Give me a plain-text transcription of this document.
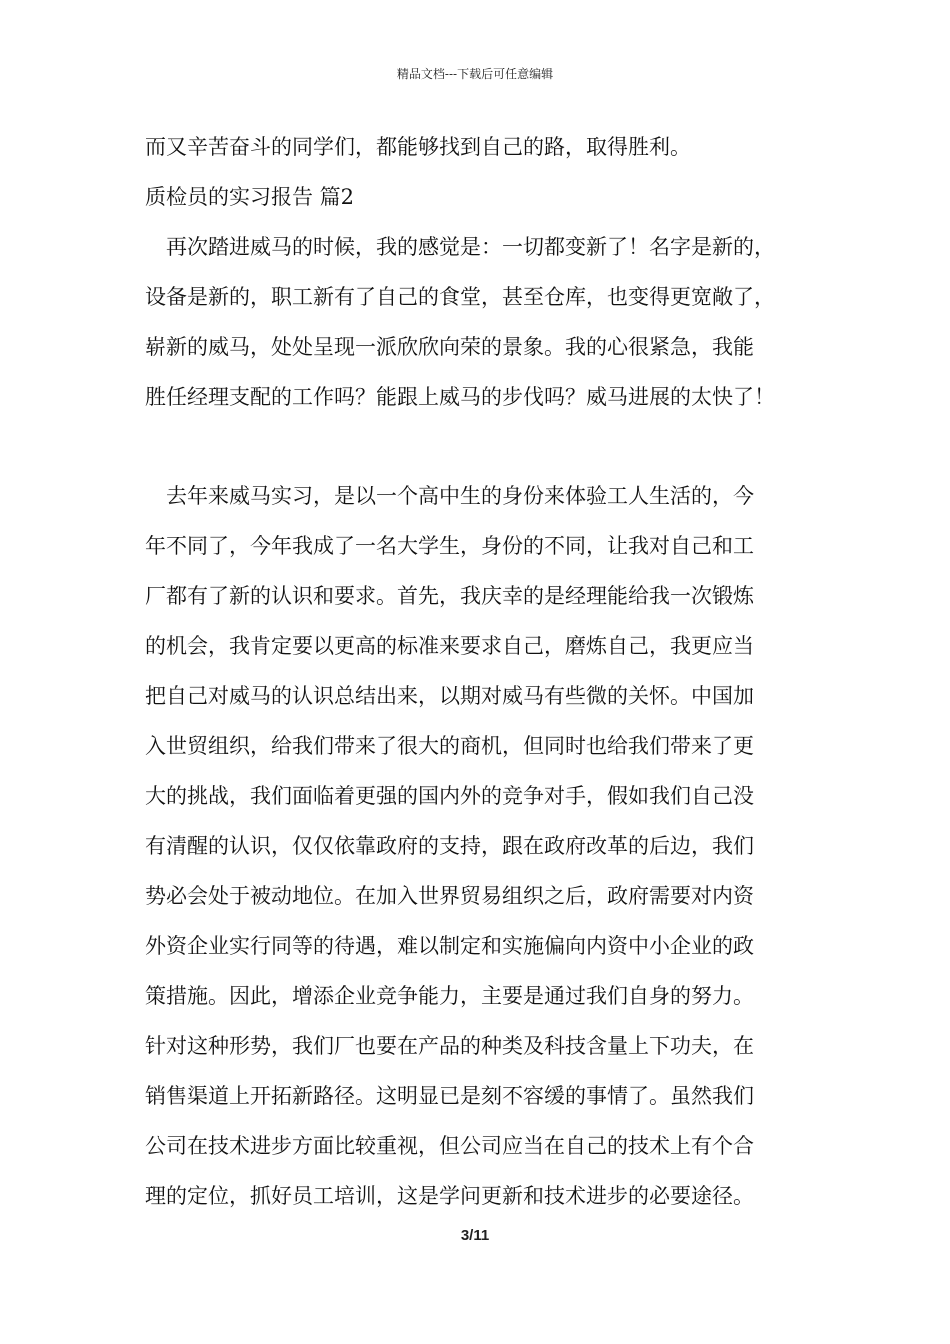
精品文档---下载后可任意编辑
而又辛苦奋斗的同学们，都能够找到自己的路，取得胜利。
质检员的实习报告 篇2
　再次踏进威马的时候，我的感觉是：一切都变新了！名字是新的，
设备是新的，职工新有了自己的食堂，甚至仓库，也变得更宽敞了，
崭新的威马，处处呈现一派欣欣向荣的景象。我的心很紧急，我能
胜任经理支配的工作吗？能跟上威马的步伐吗？威马进展的太快了！
　去年来威马实习，是以一个高中生的身份来体验工人生活的，今
年不同了，今年我成了一名大学生，身份的不同，让我对自己和工
厂都有了新的认识和要求。首先，我庆幸的是经理能给我一次锻炼
的机会，我肯定要以更高的标准来要求自己，磨炼自己，我更应当
把自己对威马的认识总结出来，以期对威马有些微的关怀。中国加
入世贸组织，给我们带来了很大的商机，但同时也给我们带来了更
大的挑战，我们面临着更强的国内外的竞争对手，假如我们自己没
有清醒的认识，仅仅依靠政府的支持，跟在政府改革的后边，我们
势必会处于被动地位。在加入世界贸易组织之后，政府需要对内资
外资企业实行同等的待遇，难以制定和实施偏向内资中小企业的政
策措施。因此，增添企业竞争能力，主要是通过我们自身的努力。
针对这种形势，我们厂也要在产品的种类及科技含量上下功夫，在
销售渠道上开拓新路径。这明显已是刻不容缓的事情了。虽然我们
公司在技术进步方面比较重视，但公司应当在自己的技术上有个合
理的定位，抓好员工培训，这是学问更新和技术进步的必要途径。
3/11
